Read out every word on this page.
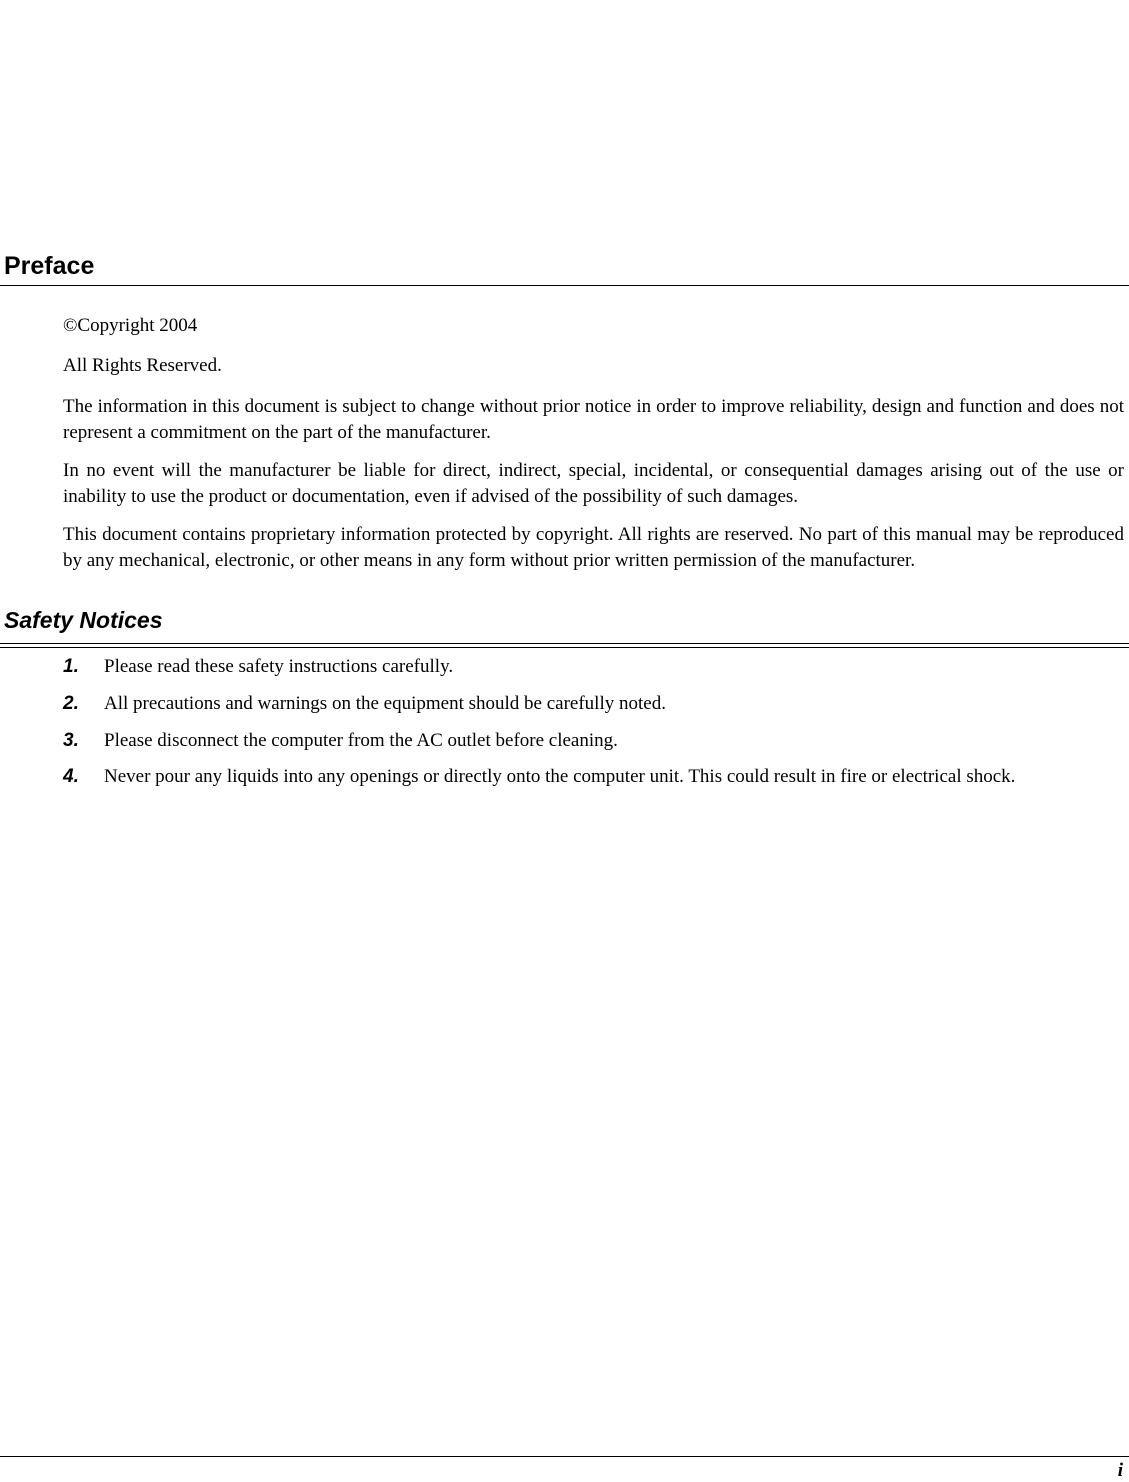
Preface

©Copyright 2004

All Rights Reserved.

The information in this document is subject to change without prior notice in order to improve reliability, design and function and does not represent a commitment on the part of the manufacturer.

In no event will the manufacturer be liable for direct, indirect, special, incidental, or consequential damages arising out of the use or inability to use the product or documentation, even if advised of the possibility of such damages.

This document contains proprietary information protected by copyright. All rights are reserved. No part of this manual may be reproduced by any mechanical, electronic, or other means in any form without prior written permission of the manufacturer.

Safety Notices
1. Please read these safety instructions carefully.
2. All precautions and warnings on the equipment should be carefully noted.
3. Please disconnect the computer from the AC outlet before cleaning.
4. Never pour any liquids into any openings or directly onto the computer unit. This could result in fire or electrical shock.
i
